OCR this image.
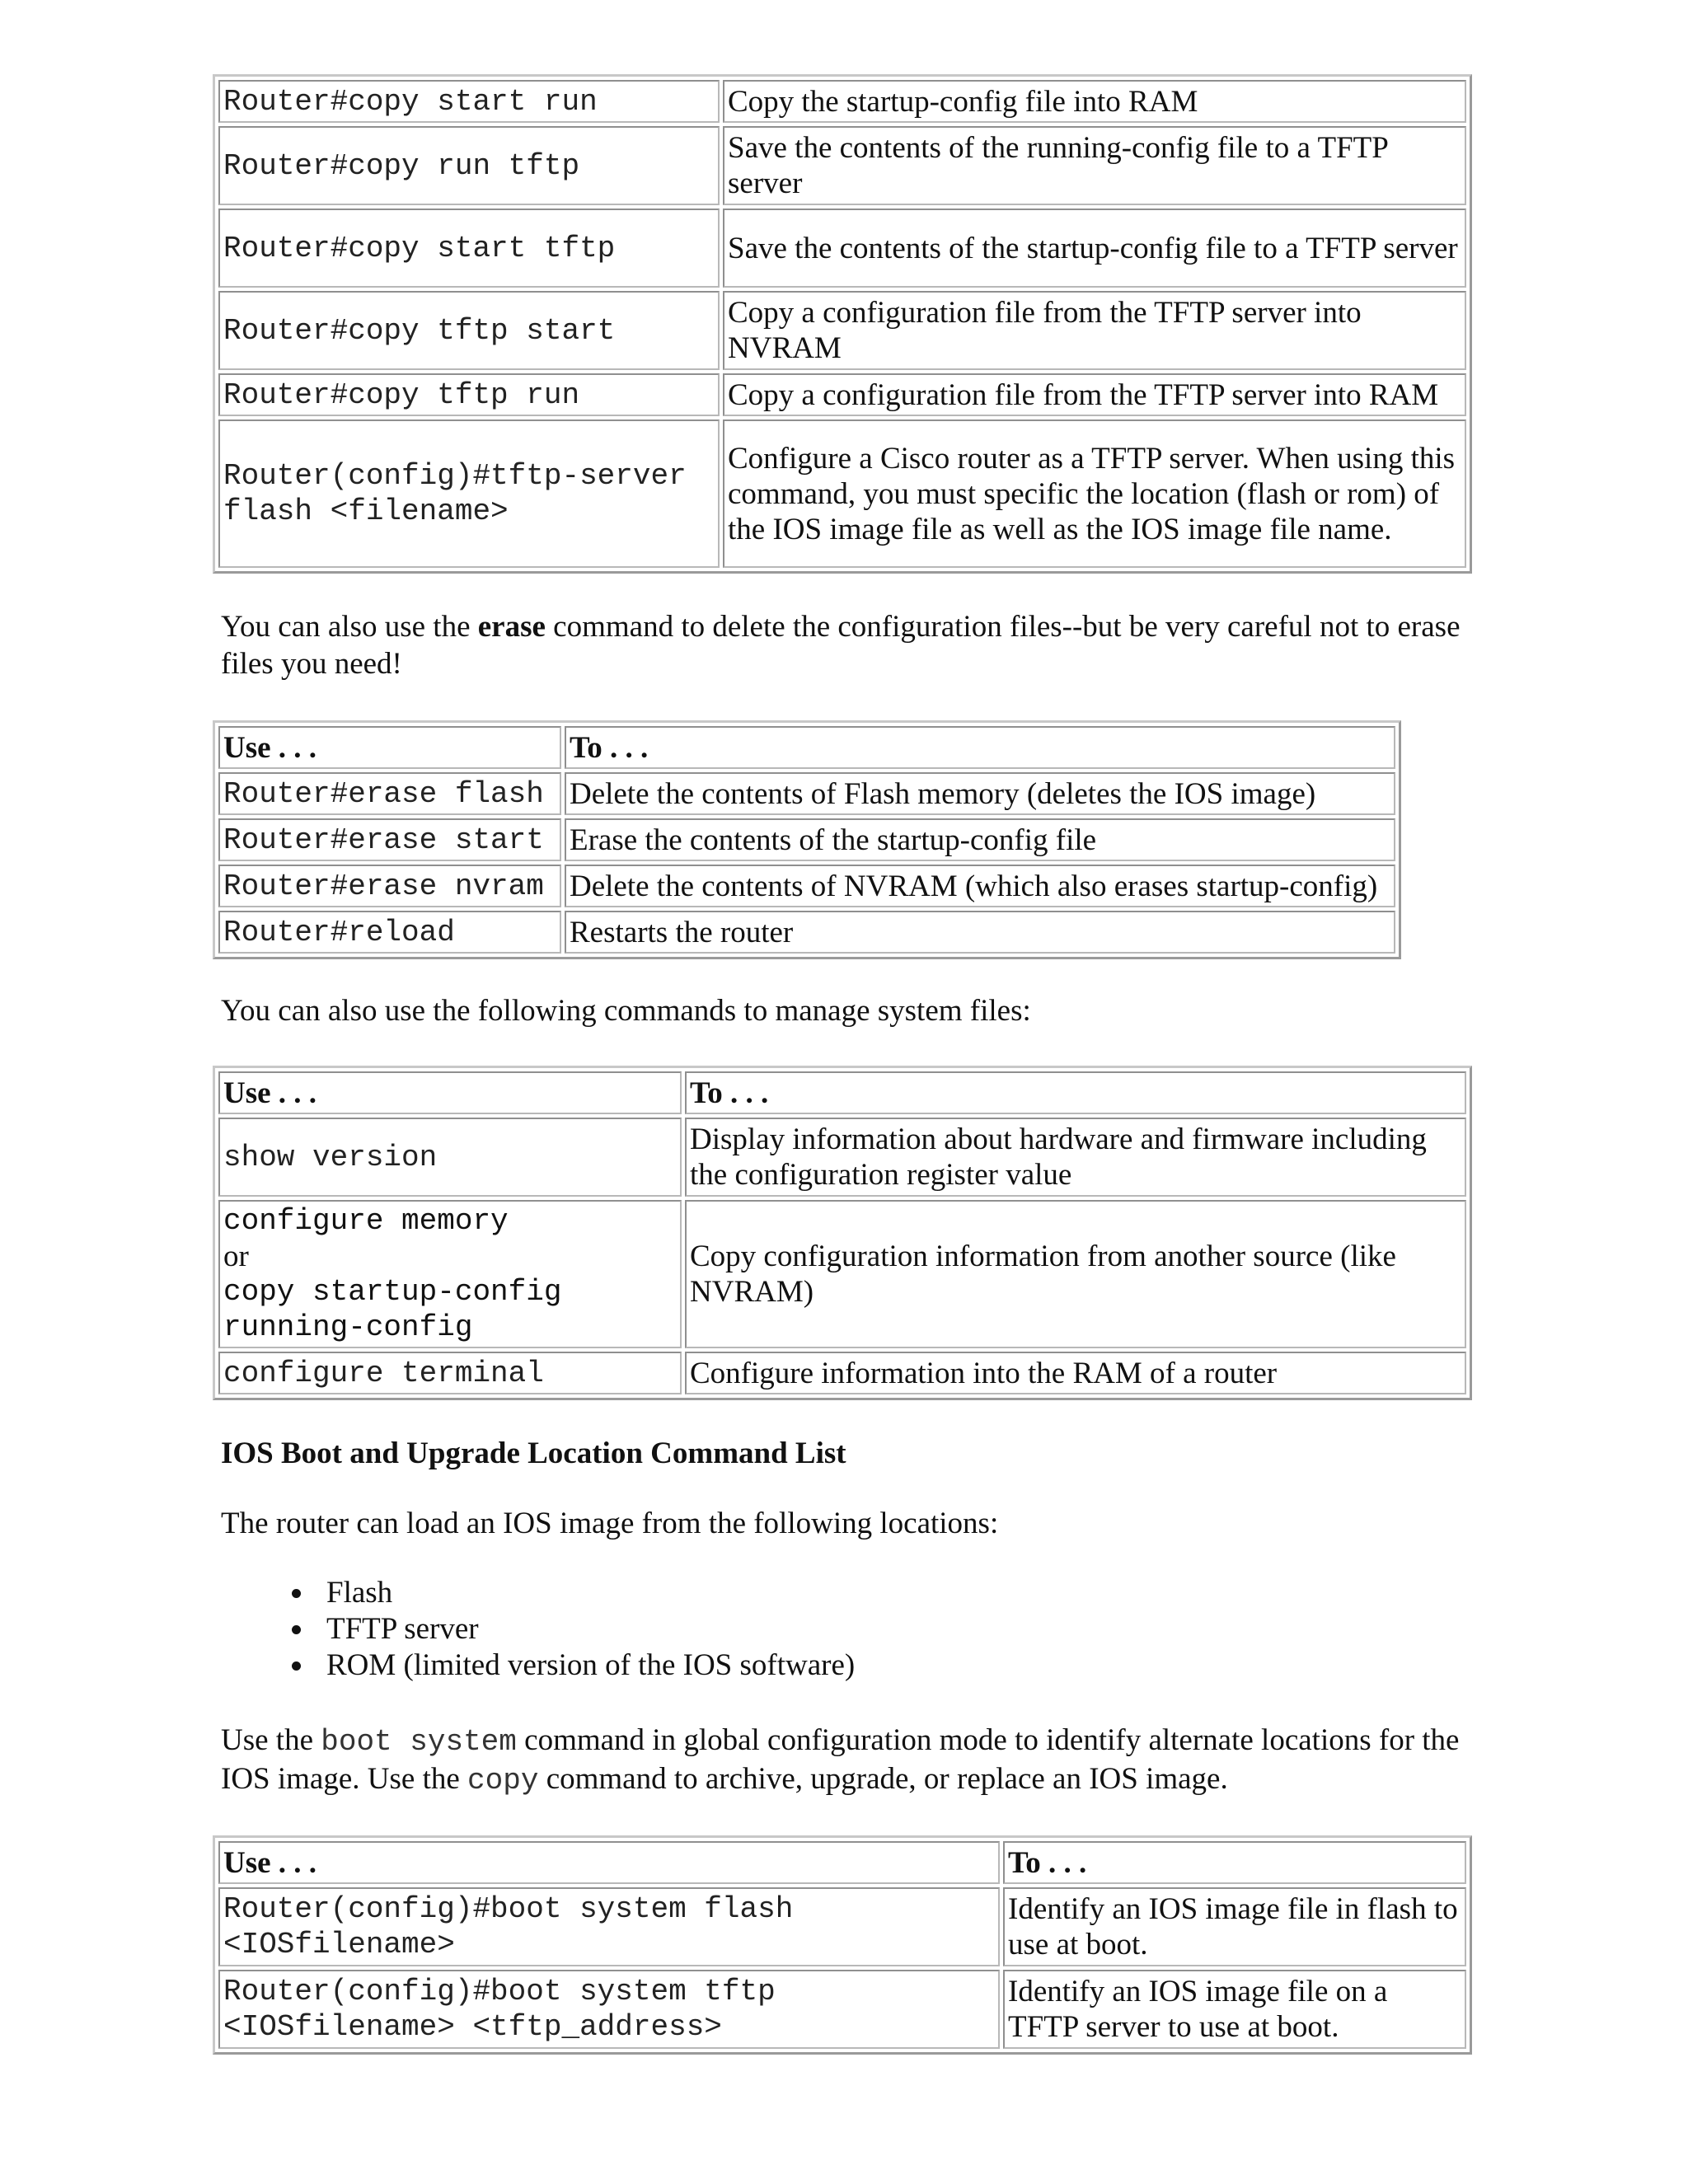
Router#copy start run	Copy the startup-config file into RAM
Router#copy run tftp	Save the contents of the running-config file to a TFTP server
Router#copy start tftp	Save the contents of the startup-config file to a TFTP server
Router#copy tftp start	Copy a configuration file from the TFTP server into NVRAM
Router#copy tftp run	Copy a configuration file from the TFTP server into RAM

Router(config)#tftp-server
flash <filename>	Configure a Cisco router as a TFTP server. When using this command, you must specific the location (flash or rom) of the IOS image file as well as the IOS image file name.

You can also use the erase command to delete the configuration files--but be very careful not to erase files you need!

Use . . .	To . . .
Router#erase flash	Delete the contents of Flash memory (deletes the IOS image)
Router#erase start	Erase the contents of the startup-config file
Router#erase nvram	Delete the contents of NVRAM (which also erases startup-config)
Router#reload	Restarts the router

You can also use the following commands to manage system files:

Use . . .	To . . .
show version	Display information about hardware and firmware including the configuration register value

configure memory
or
copy startup-config
running-config	Copy configuration information from another source (like NVRAM)
configure terminal	Configure information into the RAM of a router
IOS Boot and Upgrade Location Command List

The router can load an IOS image from the following locations:

• Flash
• TFTP server
• ROM (limited version of the IOS software)

Use the boot system command in global configuration mode to identify alternate locations for the IOS image. Use the copy command to archive, upgrade, or replace an IOS image.

Use . . .	To . . .

Router(config)#boot system flash
<IOSfilename>	Identify an IOS image file in flash to use at boot.

Router(config)#boot system tftp
<IOSfilename> <tftp_address>	Identify an IOS image file on a TFTP server to use at boot.
